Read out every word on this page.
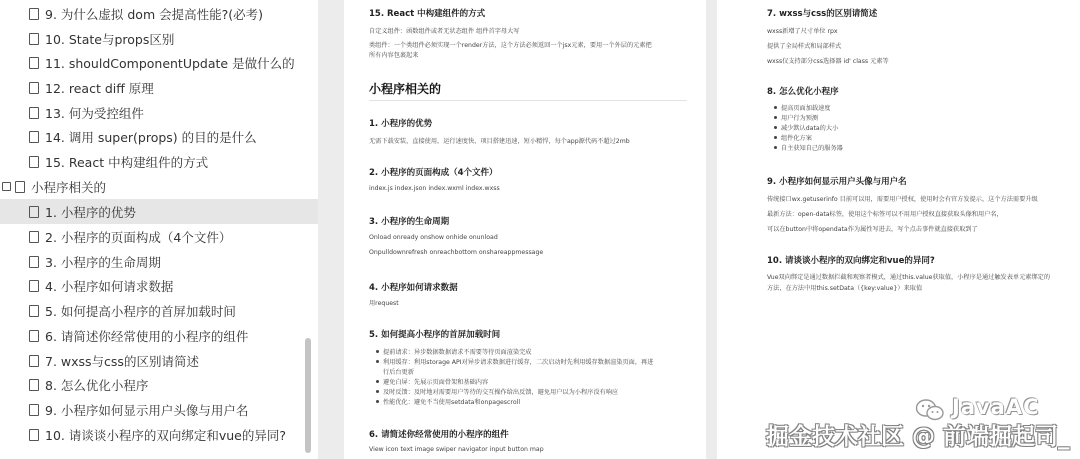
9. 为什么虚拟 dom 会提高性能?(必考)
10. State与props区别
11. shouldComponentUpdate 是做什么的
12. react diff 原理
13. 何为受控组件
14. 调用 super(props) 的目的是什么
15. React 中构建组件的方式
小程序相关的
1. 小程序的优势
2. 小程序的页面构成（4个文件）
3. 小程序的生命周期
4. 小程序如何请求数据
5. 如何提高小程序的首屏加载时间
6. 请简述你经常使用的小程序的组件
7. wxss与css的区别请简述
8. 怎么优化小程序
9. 小程序如何显示用户头像与用户名
10. 请谈谈小程序的双向绑定和vue的异同?
15. React 中构建组件的方式
自定义组件：函数组件或者无状态组件 组件首字母大写
类组件：一个类组件必须实现一个render方法，这个方法必须返回一个jsx元素，要用一个外层的元素把
所有内容包裹起来
小程序相关的
1. 小程序的优势
无需下载安装，直接使用，运行速度快，项目搭建迅速，短小精悍，每个app源代码不超过2mb
2. 小程序的页面构成（4个文件）
index.js index.json index.wxml index.wxss
3. 小程序的生命周期
Onload onready onshow onhide onunload
Onpulldownrefresh onreachbottom onshareappmessage
4. 小程序如何请求数据
用request
5. 如何提高小程序的首屏加载时间
提前请求：异步数据数据请求不需要等待页面渲染完成
利用缓存：利用storage API对异步请求数据进行缓存，二次启动时先利用缓存数据渲染页面，再进
行后台更新
避免白屏：先展示页面骨架和基础内容
及时反馈：及时地对需要用户等待的交互操作给出反馈，避免用户以为小程序没有响应
性能优化：避免不当使用setdata和onpagescroll
6. 请简述你经常使用的小程序的组件
View icon text image swiper navigator input button map
7. wxss与css的区别请简述
wxss新增了尺寸单位 rpx
提供了全局样式和局部样式
wxss仅支持部分css选择器 id' class 元素等
8. 怎么优化小程序
提高页面加载速度
用户行为预测
减少默认data的大小
组件化方案
自主获知自己的服务器
9. 小程序如何显示用户头像与用户名
传统接口wx.getuserinfo 目前可以用，需要用户授权，使用时会有官方发提示，这个方法需要升级
最新方法：open-data标签，使用这个标签可以不用用户授权直接获取头像和用户名，
可以在button中将opendata作为属性写进去，写个点击事件就直接获取到了
10. 请谈谈小程序的双向绑定和vue的异同?
Vue双向绑定是通过数据拦截和观察者模式，通过this.value获取值，小程序是通过触发表单元素绑定的
方法，在方法中用this.setData（{key:value}）来取值
JavaAC
掘金技术社区 @ 前端掘起司_
